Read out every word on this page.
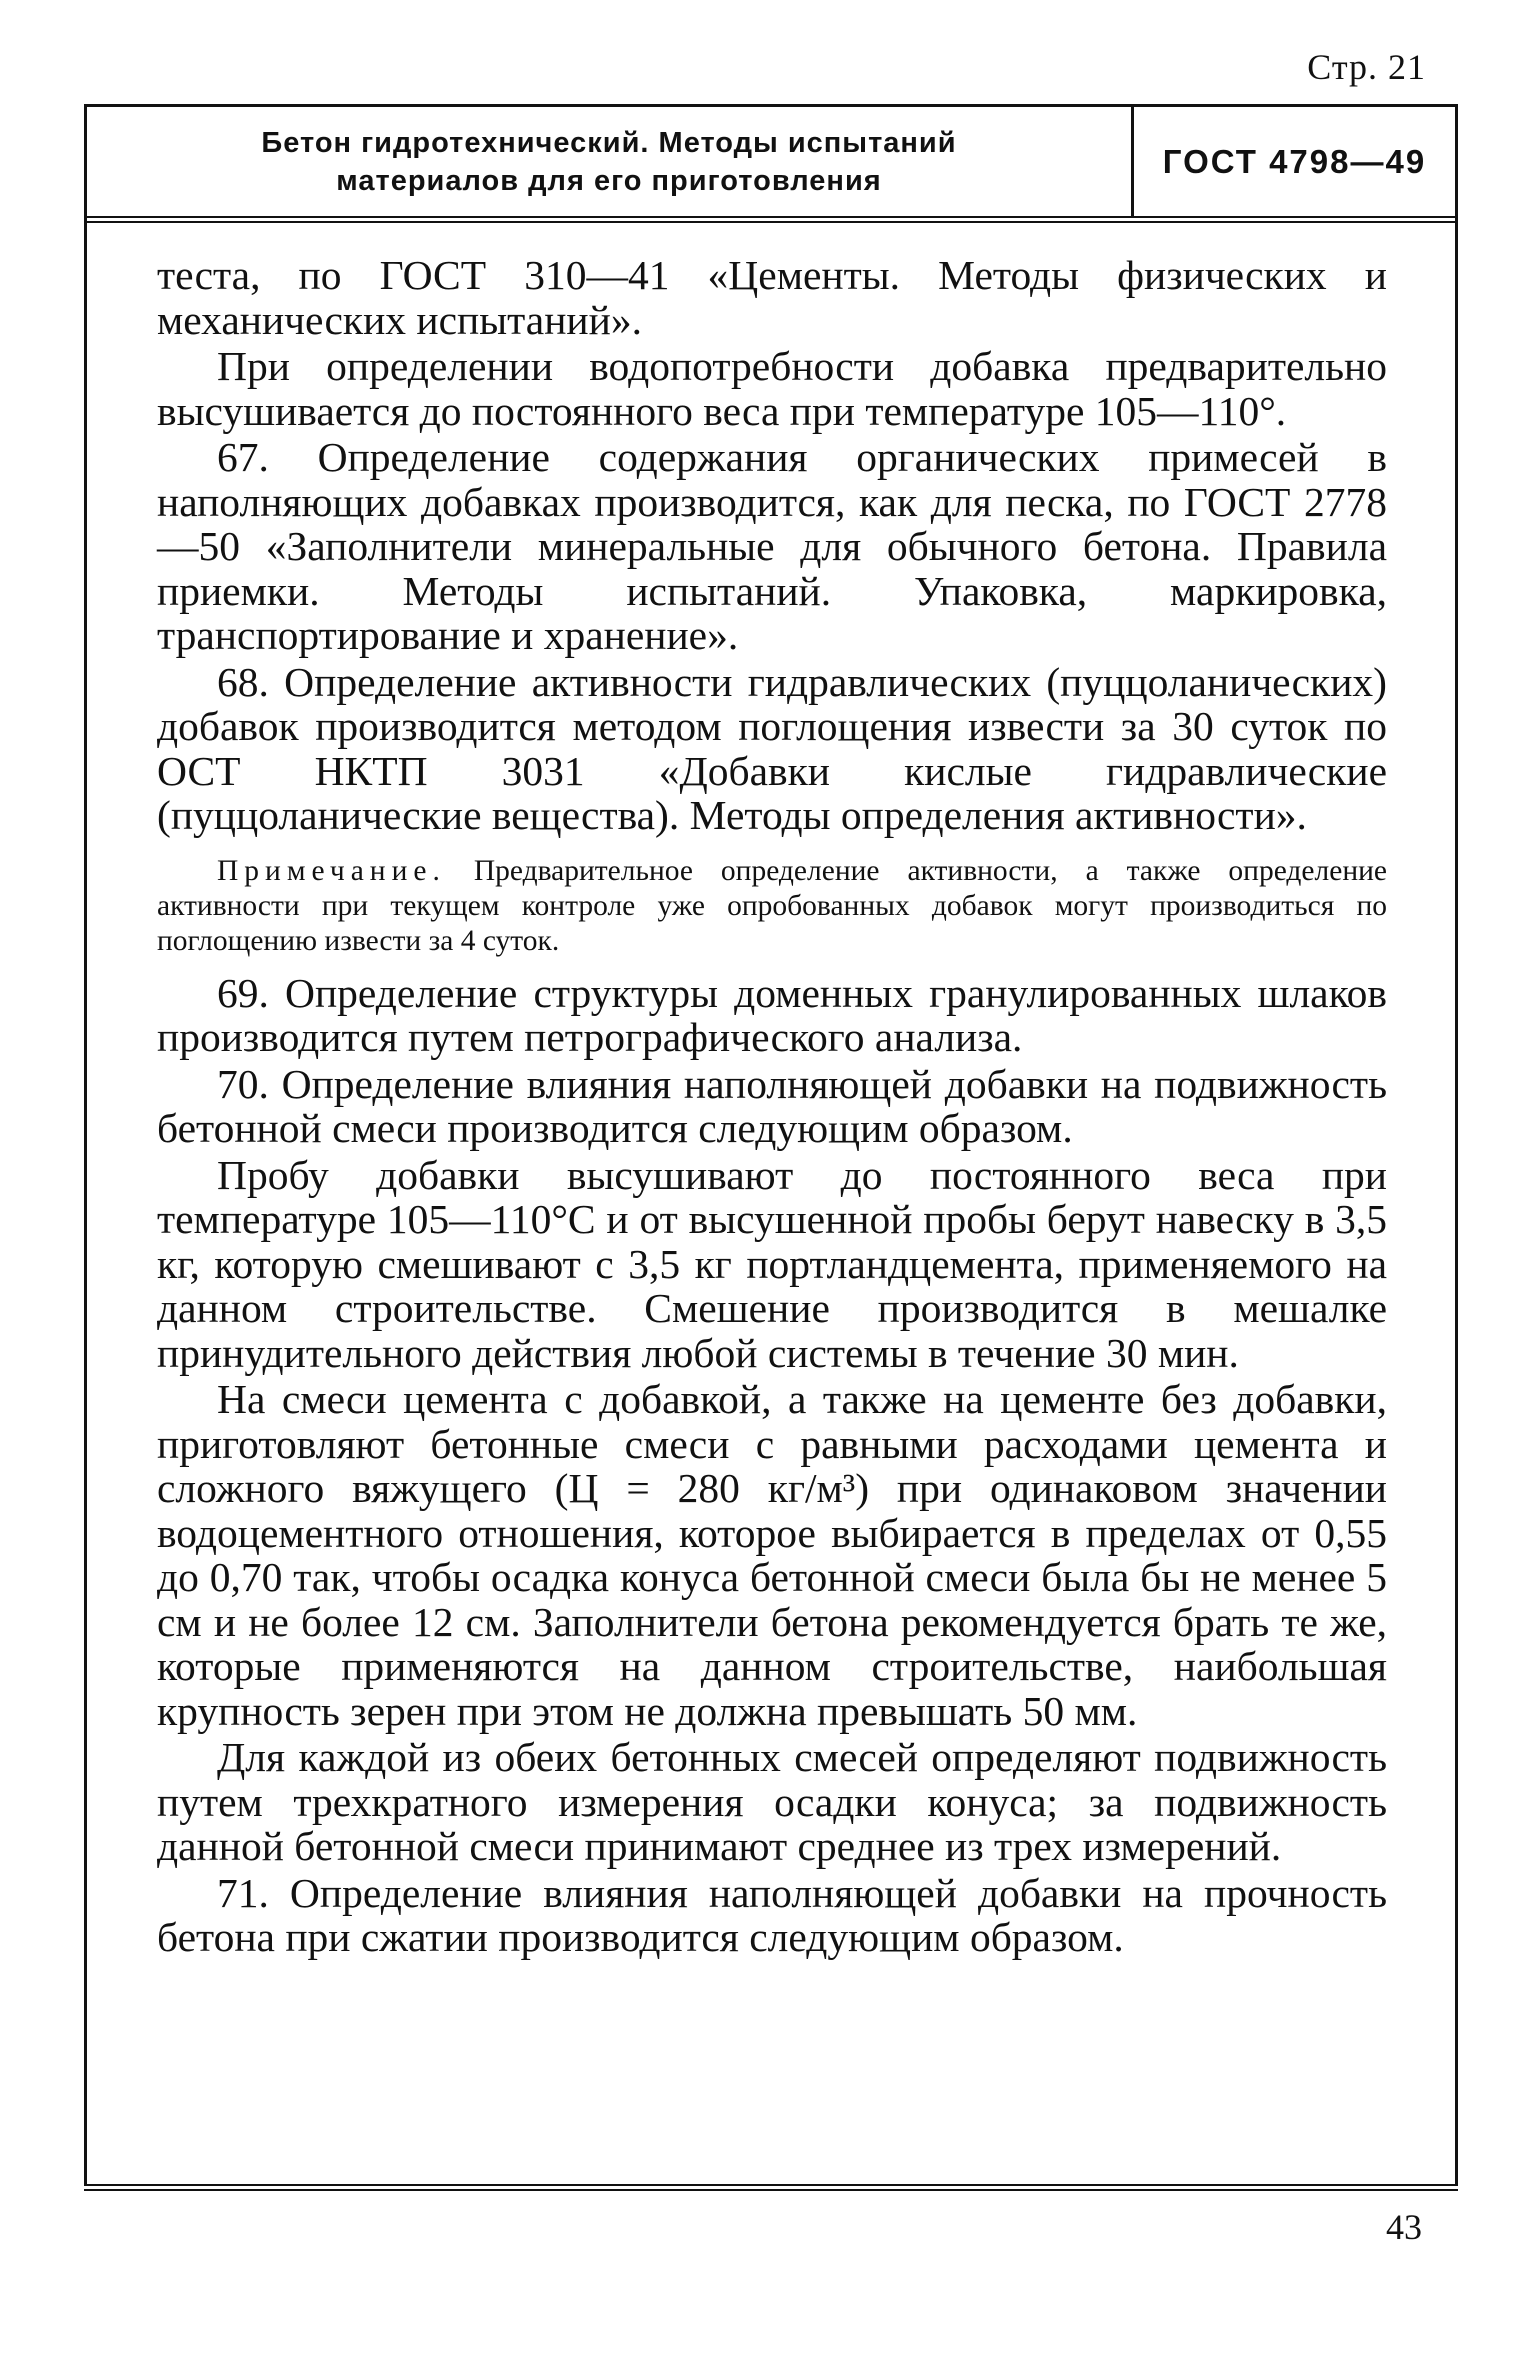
Стр. 21
Бетон гидротехнический. Методы испытаний
материалов для его приготовления
ГОСТ 4798—49

теста, по ГОСТ 310—41 «Цементы. Методы физических и механических испытаний».

При определении водопотребности добавка предварительно высушивается до постоянного веса при температуре 105—110°.

67. Определение содержания органических примесей в наполняющих добавках производится, как для песка, по ГОСТ 2778—50 «Заполнители минеральные для обычного бетона. Правила приемки. Методы испытаний. Упаковка, маркировка, транспортирование и хранение».

68. Определение активности гидравлических (пуццоланических) добавок производится методом поглощения извести за 30 суток по ОСТ НКТП 3031 «Добавки кислые гидравлические (пуццоланические вещества). Методы определения активности».

Примечание. Предварительное определение активности, а также определение активности при текущем контроле уже опробованных добавок могут производиться по поглощению извести за 4 суток.

69. Определение структуры доменных гранулированных шлаков производится путем петрографического анализа.

70. Определение влияния наполняющей добавки на подвижность бетонной смеси производится следующим образом.

Пробу добавки высушивают до постоянного веса при температуре 105—110°С и от высушенной пробы берут навеску в 3,5 кг, которую смешивают с 3,5 кг портландцемента, применяемого на данном строительстве. Смешение производится в мешалке принудительного действия любой системы в течение 30 мин.

На смеси цемента с добавкой, а также на цементе без добавки, приготовляют бетонные смеси с равными расходами цемента и сложного вяжущего (Ц = 280 кг/м³) при одинаковом значении водоцементного отношения, которое выбирается в пределах от 0,55 до 0,70 так, чтобы осадка конуса бетонной смеси была бы не менее 5 см и не более 12 см. Заполнители бетона рекомендуется брать те же, которые применяются на данном строительстве, наибольшая крупность зерен при этом не должна превышать 50 мм.

Для каждой из обеих бетонных смесей определяют подвижность путем трехкратного измерения осадки конуса; за подвижность данной бетонной смеси принимают среднее из трех измерений.

71. Определение влияния наполняющей добавки на прочность бетона при сжатии производится следующим образом.

43
